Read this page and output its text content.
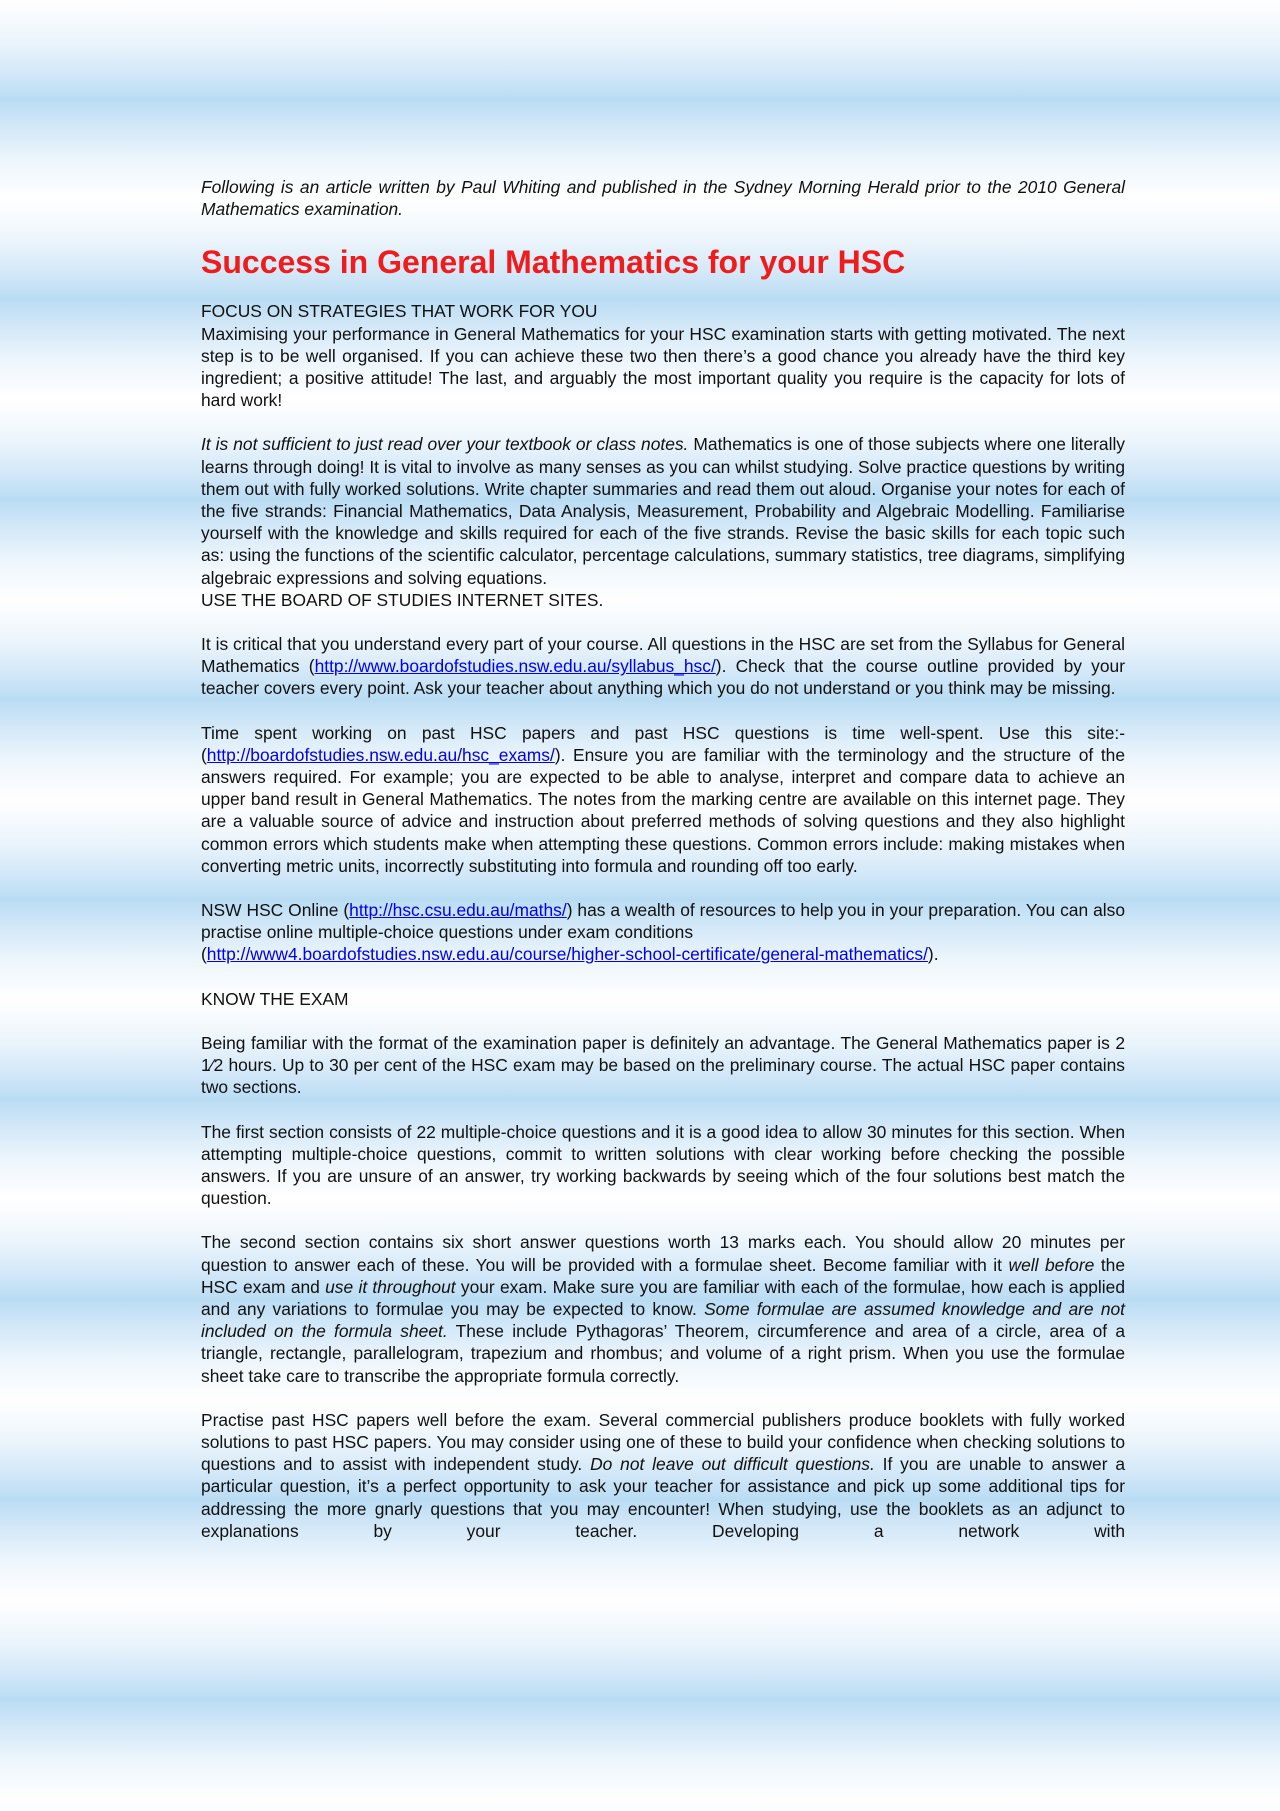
Following is an article written by Paul Whiting and published in the Sydney Morning Herald prior to the 2010 General Mathematics examination.

Success in General Mathematics for your HSC

FOCUS ON STRATEGIES THAT WORK FOR YOU

Maximising your performance in General Mathematics for your HSC examination starts with getting motivated. The next step is to be well organised. If you can achieve these two then there’s a good chance you already have the third key ingredient; a positive attitude! The last, and arguably the most important quality you require is the capacity for lots of hard work!

It is not sufficient to just read over your textbook or class notes. Mathematics is one of those subjects where one literally learns through doing! It is vital to involve as many senses as you can whilst studying. Solve practice questions by writing them out with fully worked solutions. Write chapter summaries and read them out aloud. Organise your notes for each of the five strands: Financial Mathematics, Data Analysis, Measurement, Probability and Algebraic Modelling. Familiarise yourself with the knowledge and skills required for each of the five strands. Revise the basic skills for each topic such as: using the functions of the scientific calculator, percentage calculations, summary statistics, tree diagrams, simplifying algebraic expressions and solving equations.

USE THE BOARD OF STUDIES INTERNET SITES.

It is critical that you understand every part of your course. All questions in the HSC are set from the Syllabus for General Mathematics (http://www.boardofstudies.nsw.edu.au/syllabus_hsc/). Check that the course outline provided by your teacher covers every point. Ask your teacher about anything which you do not understand or you think may be missing.

Time spent working on past HSC papers and past HSC questions is time well-spent. Use this site:- (http://boardofstudies.nsw.edu.au/hsc_exams/). Ensure you are familiar with the terminology and the structure of the answers required. For example; you are expected to be able to analyse, interpret and compare data to achieve an upper band result in General Mathematics. The notes from the marking centre are available on this internet page. They are a valuable source of advice and instruction about preferred methods of solving questions and they also highlight common errors which students make when attempting these questions. Common errors include: making mistakes when converting metric units, incorrectly substituting into formula and rounding off too early.

NSW HSC Online (http://hsc.csu.edu.au/maths/) has a wealth of resources to help you in your preparation. You can also practise online multiple-choice questions under exam conditions
(http://www4.boardofstudies.nsw.edu.au/course/higher-school-certificate/general-mathematics/).

KNOW THE EXAM

Being familiar with the format of the examination paper is definitely an advantage. The General Mathematics paper is 2 1⁄2 hours. Up to 30 per cent of the HSC exam may be based on the preliminary course. The actual HSC paper contains two sections.

The first section consists of 22 multiple-choice questions and it is a good idea to allow 30 minutes for this section. When attempting multiple-choice questions, commit to written solutions with clear working before checking the possible answers. If you are unsure of an answer, try working backwards by seeing which of the four solutions best match the question.

The second section contains six short answer questions worth 13 marks each. You should allow 20 minutes per question to answer each of these. You will be provided with a formulae sheet. Become familiar with it well before the HSC exam and use it throughout your exam. Make sure you are familiar with each of the formulae, how each is applied and any variations to formulae you may be expected to know. Some formulae are assumed knowledge and are not included on the formula sheet. These include Pythagoras’ Theorem, circumference and area of a circle, area of a triangle, rectangle, parallelogram, trapezium and rhombus; and volume of a right prism. When you use the formulae sheet take care to transcribe the appropriate formula correctly.

Practise past HSC papers well before the exam. Several commercial publishers produce booklets with fully worked solutions to past HSC papers. You may consider using one of these to build your confidence when checking solutions to questions and to assist with independent study. Do not leave out difficult questions. If you are unable to answer a particular question, it’s a perfect opportunity to ask your teacher for assistance and pick up some additional tips for addressing the more gnarly questions that you may encounter! When studying, use the booklets as an adjunct to explanations by your teacher. Developing a network with
